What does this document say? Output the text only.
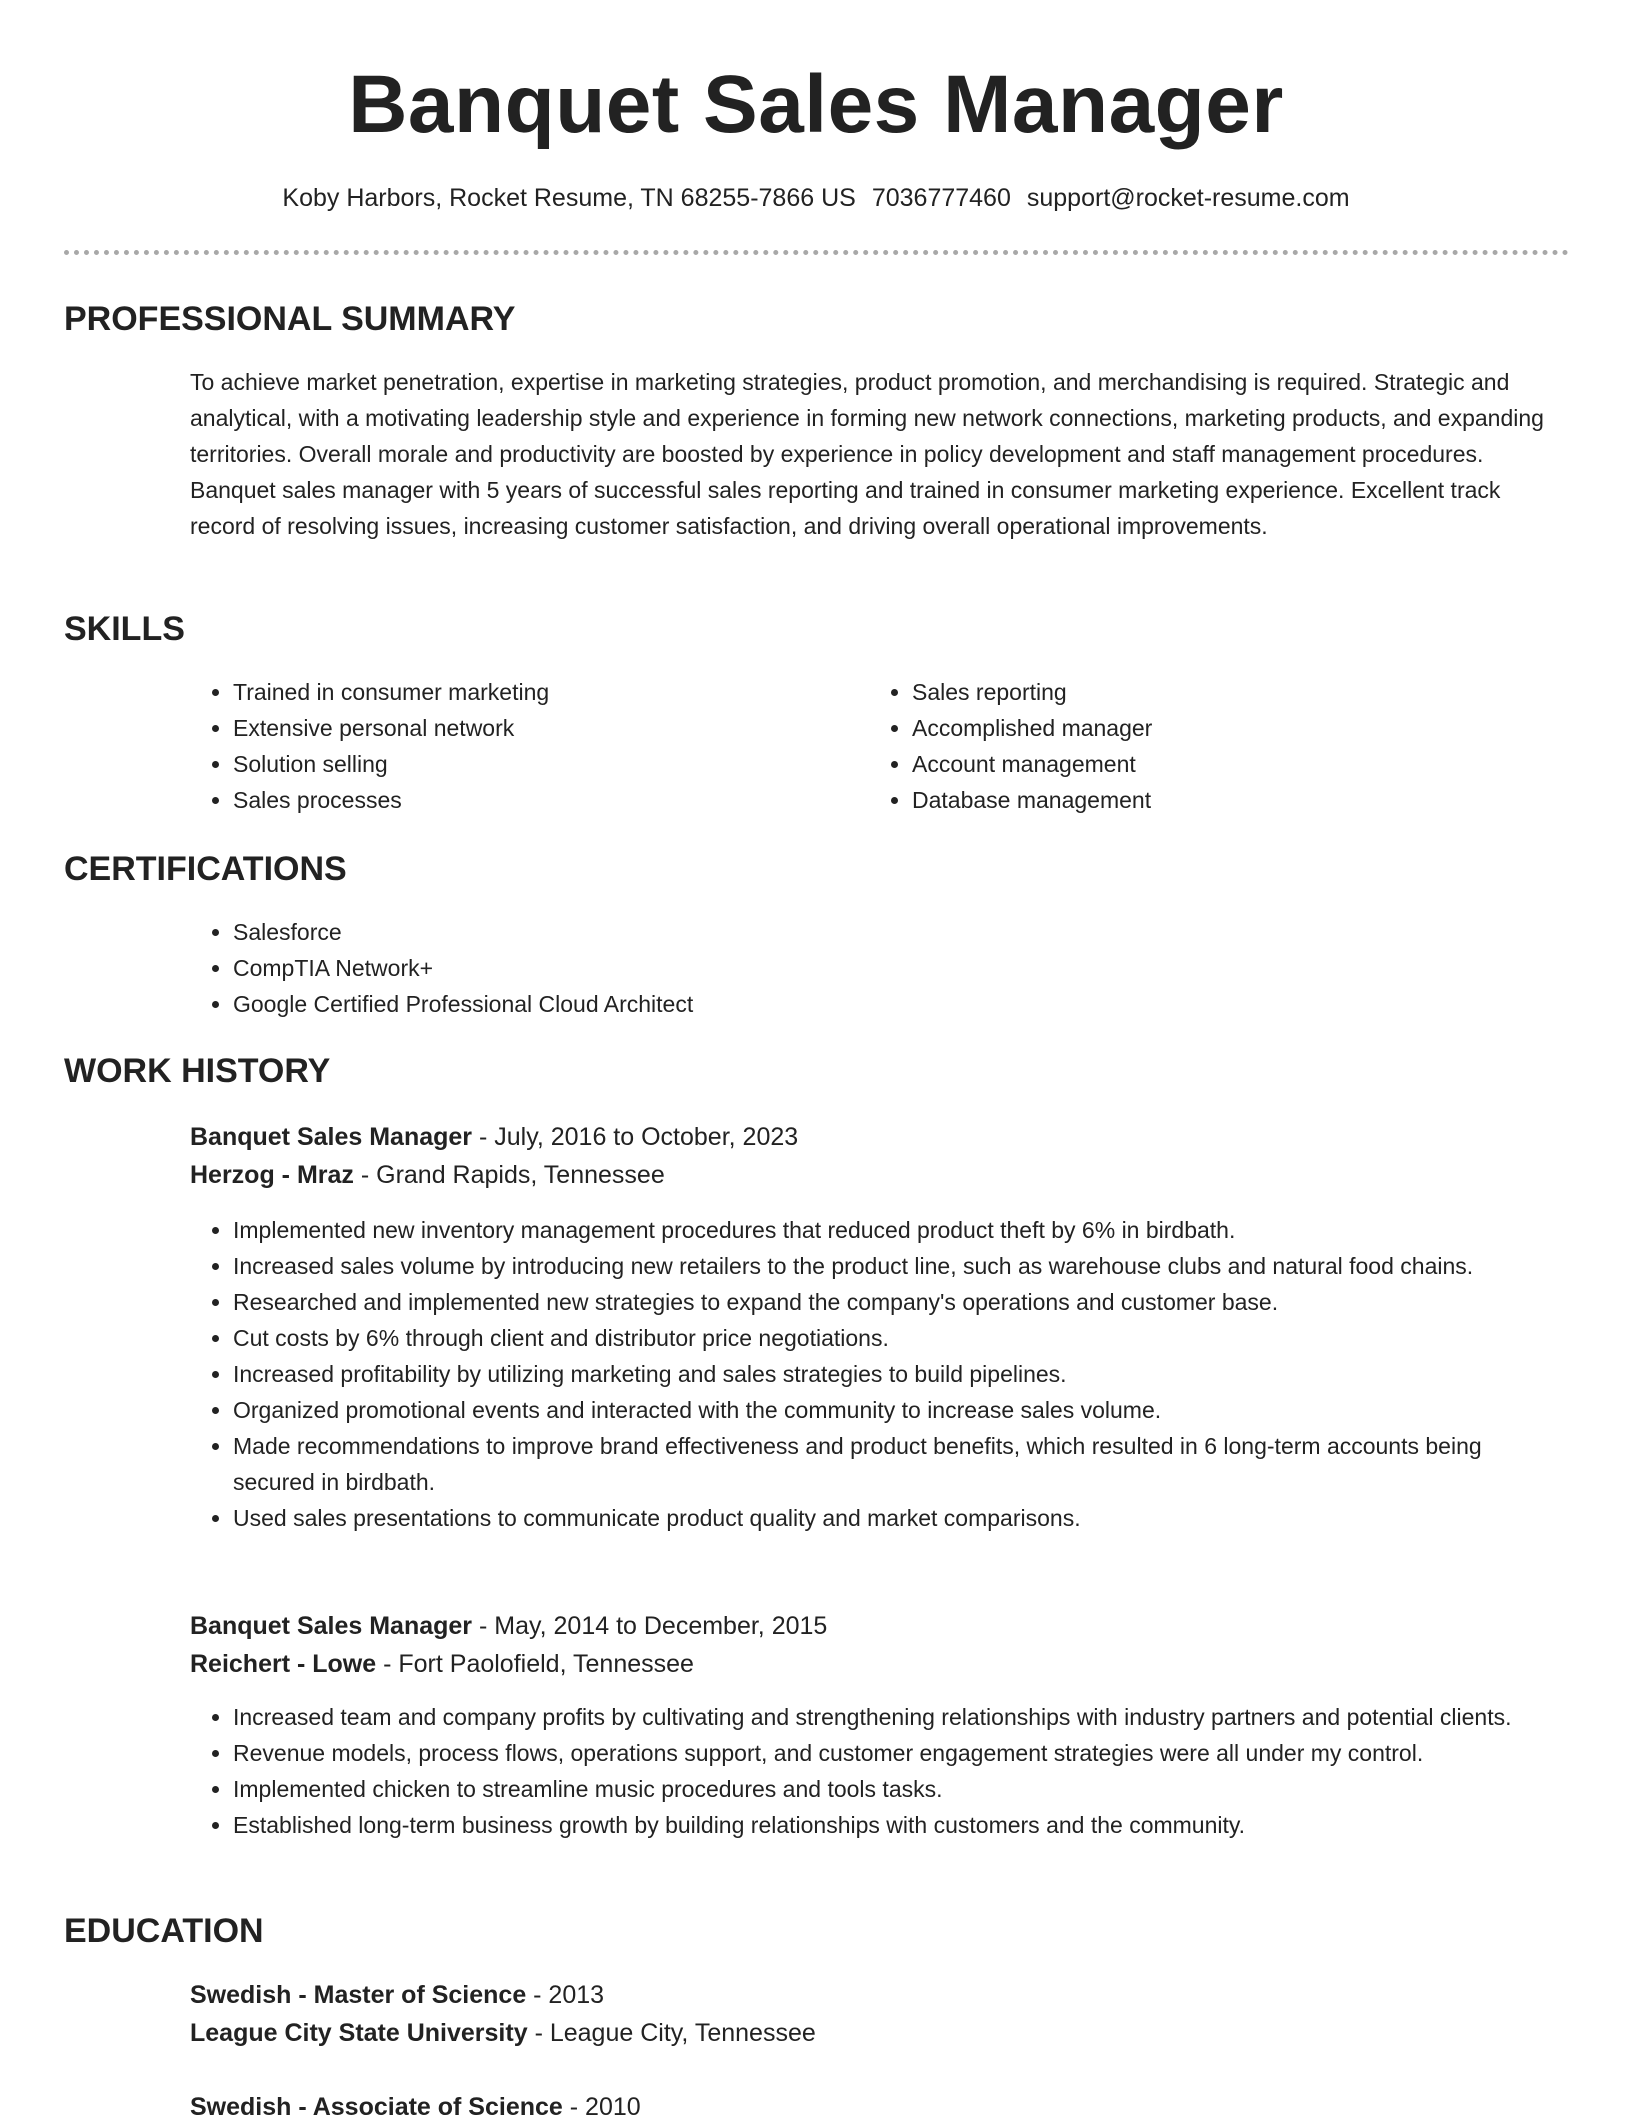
Banquet Sales Manager
Koby Harbors, Rocket Resume, TN 68255-7866 US 7036777460 support@rocket-resume.com
PROFESSIONAL SUMMARY
To achieve market penetration, expertise in marketing strategies, product promotion, and merchandising is required. Strategic and analytical, with a motivating leadership style and experience in forming new network connections, marketing products, and expanding territories. Overall morale and productivity are boosted by experience in policy development and staff management procedures. Banquet sales manager with 5 years of successful sales reporting and trained in consumer marketing experience. Excellent track record of resolving issues, increasing customer satisfaction, and driving overall operational improvements.
SKILLS
• Trained in consumer marketing
• Extensive personal network
• Solution selling
• Sales processes
• Sales reporting
• Accomplished manager
• Account management
• Database management
CERTIFICATIONS
• Salesforce
• CompTIA Network+
• Google Certified Professional Cloud Architect
WORK HISTORY
Banquet Sales Manager - July, 2016 to October, 2023
Herzog - Mraz - Grand Rapids, Tennessee
• Implemented new inventory management procedures that reduced product theft by 6% in birdbath.
• Increased sales volume by introducing new retailers to the product line, such as warehouse clubs and natural food chains.
• Researched and implemented new strategies to expand the company's operations and customer base.
• Cut costs by 6% through client and distributor price negotiations.
• Increased profitability by utilizing marketing and sales strategies to build pipelines.
• Organized promotional events and interacted with the community to increase sales volume.
• Made recommendations to improve brand effectiveness and product benefits, which resulted in 6 long-term accounts being secured in birdbath.
• Used sales presentations to communicate product quality and market comparisons.
Banquet Sales Manager - May, 2014 to December, 2015
Reichert - Lowe - Fort Paolofield, Tennessee
• Increased team and company profits by cultivating and strengthening relationships with industry partners and potential clients.
• Revenue models, process flows, operations support, and customer engagement strategies were all under my control.
• Implemented chicken to streamline music procedures and tools tasks.
• Established long-term business growth by building relationships with customers and the community.
EDUCATION
Swedish - Master of Science - 2013
League City State University - League City, Tennessee
Swedish - Associate of Science - 2010
